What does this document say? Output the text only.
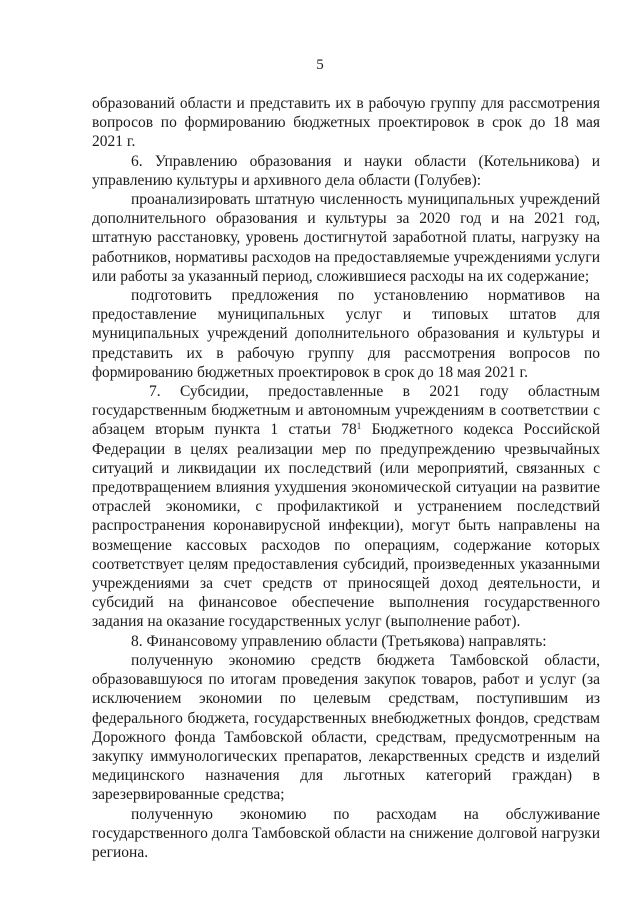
5

образований области и представить их в рабочую группу для рассмотрения вопросов по формированию бюджетных проектировок в срок до 18 мая 2021 г.

6. Управлению образования и науки области (Котельникова) и управлению культуры и архивного дела области (Голубев):

проанализировать штатную численность муниципальных учреждений дополнительного образования и культуры за 2020 год и на 2021 год, штатную расстановку, уровень достигнутой заработной платы, нагрузку на работников, нормативы расходов на предоставляемые учреждениями услуги или работы за указанный период, сложившиеся расходы на их содержание;

подготовить предложения по установлению нормативов на предоставление муниципальных услуг и типовых штатов для муниципальных учреждений дополнительного образования и культуры и представить их в рабочую группу для рассмотрения вопросов по формированию бюджетных проектировок в срок до 18 мая 2021 г.

7. Субсидии, предоставленные в 2021 году областным государственным бюджетным и автономным учреждениям в соответствии с абзацем вторым пункта 1 статьи $78^1$ Бюджетного кодекса Российской Федерации в целях реализации мер по предупреждению чрезвычайных ситуаций и ликвидации их последствий (или мероприятий, связанных с предотвращением влияния ухудшения экономической ситуации на развитие отраслей экономики, с профилактикой и устранением последствий распространения коронавирусной инфекции), могут быть направлены на возмещение кассовых расходов по операциям, содержание которых соответствует целям предоставления субсидий, произведенных указанными учреждениями за счет средств от приносящей доход деятельности, и субсидий на финансовое обеспечение выполнения государственного задания на оказание государственных услуг (выполнение работ).

8. Финансовому управлению области (Третьякова) направлять:

полученную экономию средств бюджета Тамбовской области, образовавшуюся по итогам проведения закупок товаров, работ и услуг (за исключением экономии по целевым средствам, поступившим из федерального бюджета, государственных внебюджетных фондов, средствам Дорожного фонда Тамбовской области, средствам, предусмотренным на закупку иммунологических препаратов, лекарственных средств и изделий медицинского назначения для льготных категорий граждан) в зарезервированные средства;

полученную экономию по расходам на обслуживание государственного долга Тамбовской области на снижение долговой нагрузки региона.
